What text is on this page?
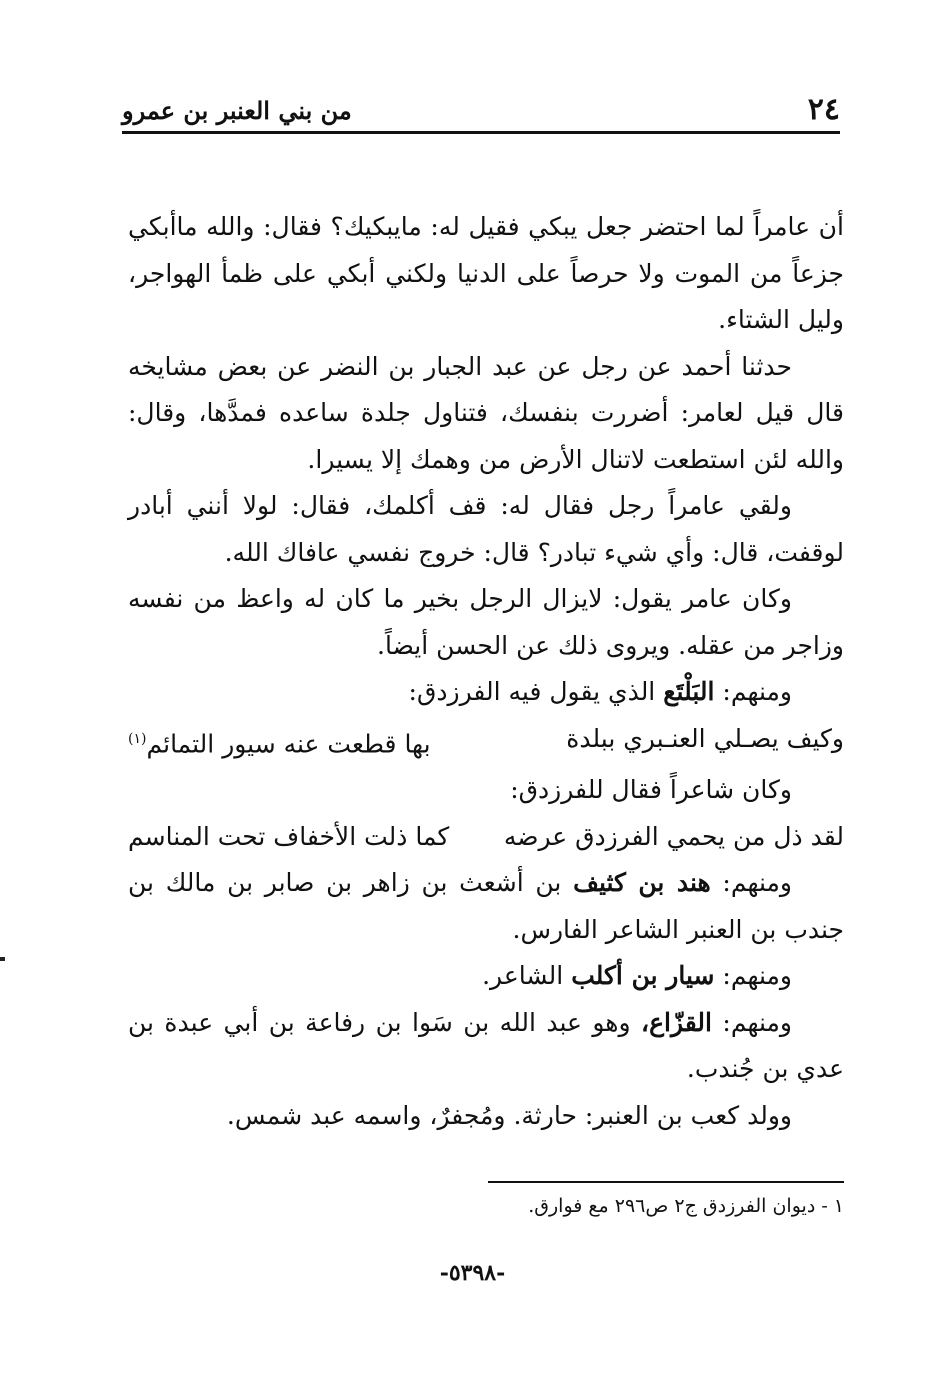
٢٤
من بني العنبر بن عمرو

أن عامراً لما احتضر جعل يبكي فقيل له: مايبكيك؟ فقال: والله ماأبكي جزعاً من الموت ولا حرصاً على الدنيا ولكني أبكي على ظمأ الهواجر، وليل الشتاء.

حدثنا أحمد عن رجل عن عبد الجبار بن النضر عن بعض مشايخه قال قيل لعامر: أضررت بنفسك، فتناول جلدة ساعده فمدَّها، وقال: والله لئن استطعت لاتنال الأرض من وهمك إلا يسيرا.

ولقي عامراً رجل فقال له: قف أكلمك، فقال: لولا أنني أبادر لوقفت، قال: وأي شيء تبادر؟ قال: خروج نفسي عافاك الله.

وكان عامر يقول: لايزال الرجل بخير ما كان له واعظ من نفسه وزاجر من عقله. ويروى ذلك عن الحسن أيضاً.

ومنهم: البَلْتَع الذي يقول فيه الفرزدق:

وكيف يصـلي العنـبري ببلدة
بها قطعت عنه سيور التمائم$^{(١)}$

وكان شاعراً فقال للفرزدق:

لقد ذل من يحمي الفرزدق عرضه
كما ذلت الأخفاف تحت المناسم

ومنهم: هند بن كثيف بن أشعث بن زاهر بن صابر بن مالك بن جندب بن العنبر الشاعر الفارس.

ومنهم: سيار بن أكلب الشاعر.

ومنهم: القزّاع، وهو عبد الله بن سَوا بن رفاعة بن أبي عبدة بن عدي بن جُندب.

وولد كعب بن العنبر: حارثة. ومُجفرٌ، واسمه عبد شمس.

١ - ديوان الفرزدق ج٢ ص٢٩٦ مع فوارق.
-٥٣٩٨-
